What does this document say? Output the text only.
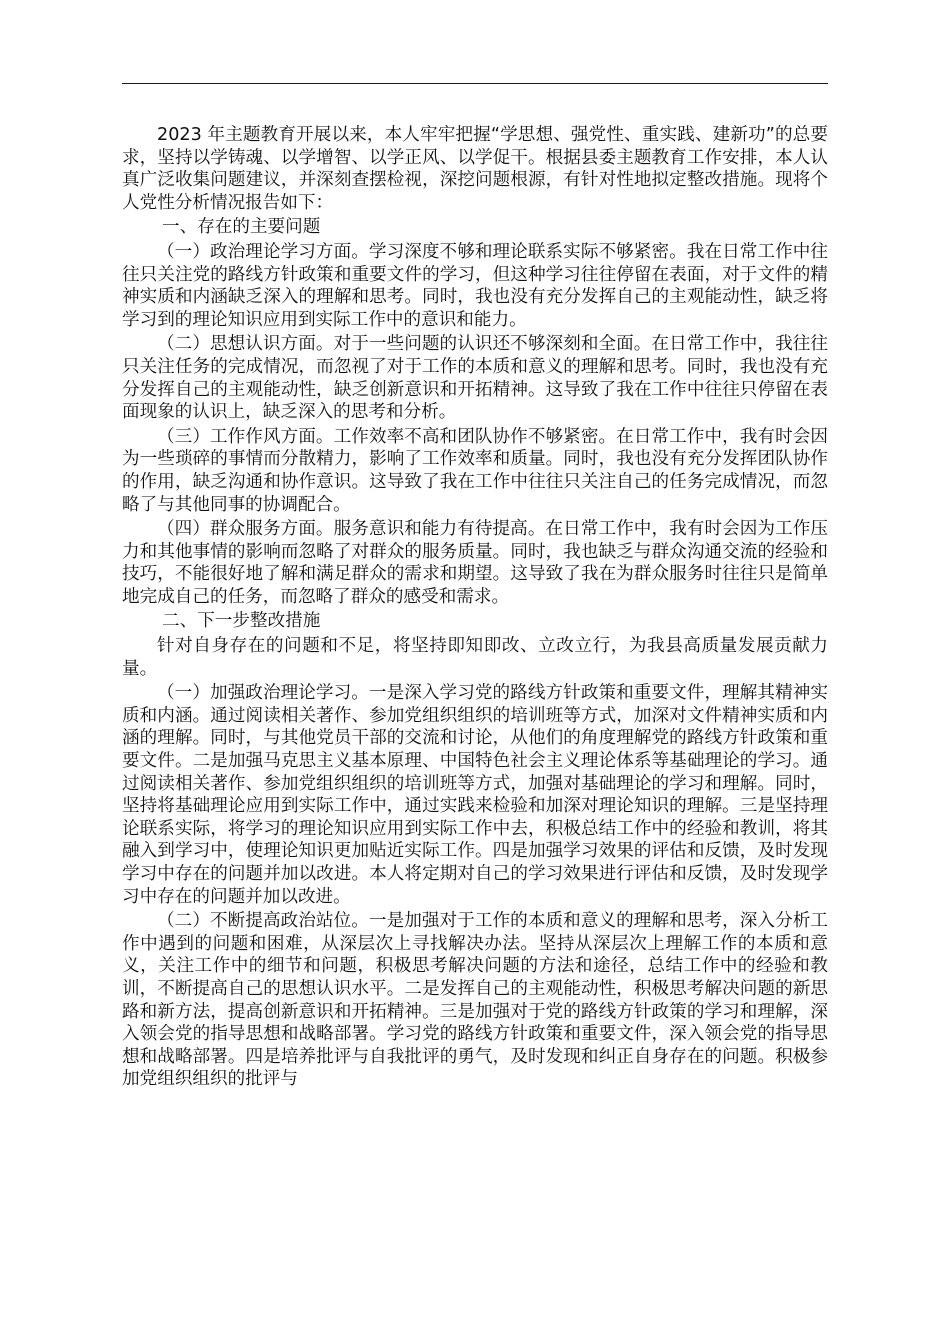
2023 年主题教育开展以来，本人牢牢把握“学思想、强党性、重实践、建新功”的总要求，坚持以学铸魂、以学增智、以学正风、以学促干。根据县委主题教育工作安排，本人认真广泛收集问题建议，并深刻查摆检视，深挖问题根源，有针对性地拟定整改措施。现将个人党性分析情况报告如下：

一、存在的主要问题

（一）政治理论学习方面。学习深度不够和理论联系实际不够紧密。我在日常工作中往往只关注党的路线方针政策和重要文件的学习，但这种学习往往停留在表面，对于文件的精神实质和内涵缺乏深入的理解和思考。同时，我也没有充分发挥自己的主观能动性，缺乏将学习到的理论知识应用到实际工作中的意识和能力。

（二）思想认识方面。对于一些问题的认识还不够深刻和全面。在日常工作中，我往往只关注任务的完成情况，而忽视了对于工作的本质和意义的理解和思考。同时，我也没有充分发挥自己的主观能动性，缺乏创新意识和开拓精神。这导致了我在工作中往往只停留在表面现象的认识上，缺乏深入的思考和分析。

（三）工作作风方面。工作效率不高和团队协作不够紧密。在日常工作中，我有时会因为一些琐碎的事情而分散精力，影响了工作效率和质量。同时，我也没有充分发挥团队协作的作用，缺乏沟通和协作意识。这导致了我在工作中往往只关注自己的任务完成情况，而忽略了与其他同事的协调配合。

（四）群众服务方面。服务意识和能力有待提高。在日常工作中，我有时会因为工作压力和其他事情的影响而忽略了对群众的服务质量。同时，我也缺乏与群众沟通交流的经验和技巧，不能很好地了解和满足群众的需求和期望。这导致了我在为群众服务时往往只是简单地完成自己的任务，而忽略了群众的感受和需求。

二、下一步整改措施

针对自身存在的问题和不足，将坚持即知即改、立改立行，为我县高质量发展贡献力量。

（一）加强政治理论学习。一是深入学习党的路线方针政策和重要文件，理解其精神实质和内涵。通过阅读相关著作、参加党组织组织的培训班等方式，加深对文件精神实质和内涵的理解。同时，与其他党员干部的交流和讨论，从他们的角度理解党的路线方针政策和重要文件。二是加强马克思主义基本原理、中国特色社会主义理论体系等基础理论的学习。通过阅读相关著作、参加党组织组织的培训班等方式，加强对基础理论的学习和理解。同时，坚持将基础理论应用到实际工作中，通过实践来检验和加深对理论知识的理解。三是坚持理论联系实际，将学习的理论知识应用到实际工作中去，积极总结工作中的经验和教训，将其融入到学习中，使理论知识更加贴近实际工作。四是加强学习效果的评估和反馈，及时发现学习中存在的问题并加以改进。本人将定期对自己的学习效果进行评估和反馈，及时发现学习中存在的问题并加以改进。

（二）不断提高政治站位。一是加强对于工作的本质和意义的理解和思考，深入分析工作中遇到的问题和困难，从深层次上寻找解决办法。坚持从深层次上理解工作的本质和意义，关注工作中的细节和问题，积极思考解决问题的方法和途径，总结工作中的经验和教训，不断提高自己的思想认识水平。二是发挥自己的主观能动性，积极思考解决问题的新思路和新方法，提高创新意识和开拓精神。三是加强对于党的路线方针政策的学习和理解，深入领会党的指导思想和战略部署。学习党的路线方针政策和重要文件，深入领会党的指导思想和战略部署。四是培养批评与自我批评的勇气，及时发现和纠正自身存在的问题。积极参加党组织组织的批评与
